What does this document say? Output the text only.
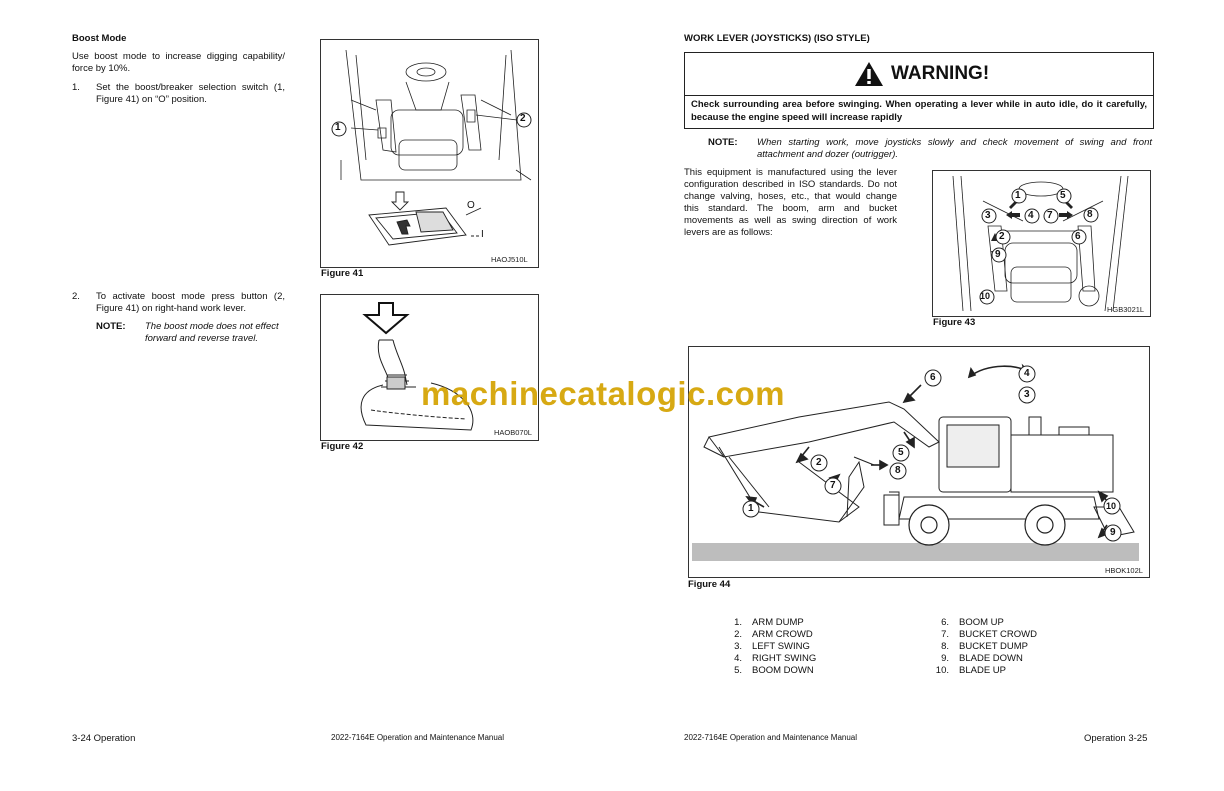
Boost Mode
Use boost mode to increase digging capability/ force by 10%.
1. Set the boost/breaker selection switch (1, Figure 41) on “O” position.
1
2
O
I
HAOJ510L
Figure 41
2. To activate boost mode press button (2, Figure 41) on right-hand work lever.
NOTE: The boost mode does not effect forward and reverse travel.
HAOB070L
Figure 42
3-24 Operation	2022-7164E Operation and Maintenance Manual
WORK LEVER (JOYSTICKS) (ISO STYLE)
WARNING!
Check surrounding area before swinging. When operating a lever while in auto idle, do it carefully, because the engine speed will increase rapidly
NOTE: When starting work, move joysticks slowly and check movement of swing and front attachment and dozer (outrigger).
This equipment is manufactured using the lever configuration described in ISO standards. Do not change valving, hoses, etc., that would change this standard. The boom, arm and bucket movements as well as swing direction of work levers are as follows:
1	5
3	4 7	8
2	6
9
10
HGB3021L
Figure 43
1
2
3
4
5
6
7
8
9
10
HBOK102L
Figure 44
1. ARM DUMP
2. ARM CROWD
3. LEFT SWING
4. RIGHT SWING
5. BOOM DOWN
6. BOOM UP
7. BUCKET CROWD
8. BUCKET DUMP
9. BLADE DOWN
10. BLADE UP
2022-7164E Operation and Maintenance Manual	Operation 3-25
machinecatalogic.com
